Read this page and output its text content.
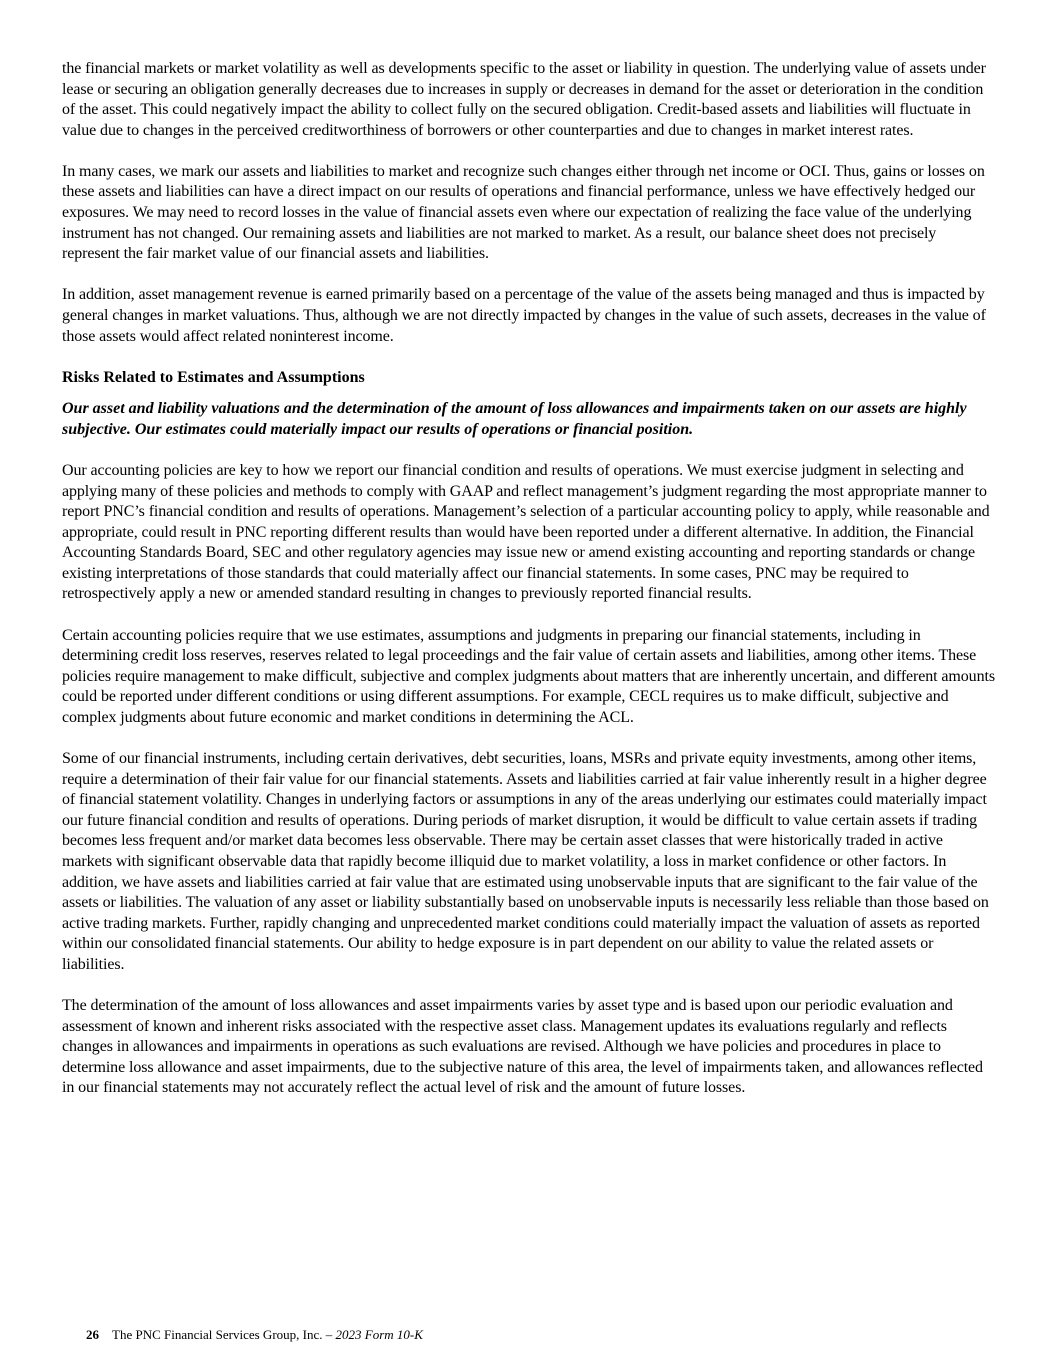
the financial markets or market volatility as well as developments specific to the asset or liability in question. The underlying value of assets under lease or securing an obligation generally decreases due to increases in supply or decreases in demand for the asset or deterioration in the condition of the asset. This could negatively impact the ability to collect fully on the secured obligation. Credit-based assets and liabilities will fluctuate in value due to changes in the perceived creditworthiness of borrowers or other counterparties and due to changes in market interest rates.

In many cases, we mark our assets and liabilities to market and recognize such changes either through net income or OCI. Thus, gains or losses on these assets and liabilities can have a direct impact on our results of operations and financial performance, unless we have effectively hedged our exposures. We may need to record losses in the value of financial assets even where our expectation of realizing the face value of the underlying instrument has not changed. Our remaining assets and liabilities are not marked to market. As a result, our balance sheet does not precisely represent the fair market value of our financial assets and liabilities.

In addition, asset management revenue is earned primarily based on a percentage of the value of the assets being managed and thus is impacted by general changes in market valuations. Thus, although we are not directly impacted by changes in the value of such assets, decreases in the value of those assets would affect related noninterest income.

Risks Related to Estimates and Assumptions

Our asset and liability valuations and the determination of the amount of loss allowances and impairments taken on our assets are highly subjective. Our estimates could materially impact our results of operations or financial position.

Our accounting policies are key to how we report our financial condition and results of operations. We must exercise judgment in selecting and applying many of these policies and methods to comply with GAAP and reflect management’s judgment regarding the most appropriate manner to report PNC’s financial condition and results of operations. Management’s selection of a particular accounting policy to apply, while reasonable and appropriate, could result in PNC reporting different results than would have been reported under a different alternative. In addition, the Financial Accounting Standards Board, SEC and other regulatory agencies may issue new or amend existing accounting and reporting standards or change existing interpretations of those standards that could materially affect our financial statements. In some cases, PNC may be required to retrospectively apply a new or amended standard resulting in changes to previously reported financial results.

Certain accounting policies require that we use estimates, assumptions and judgments in preparing our financial statements, including in determining credit loss reserves, reserves related to legal proceedings and the fair value of certain assets and liabilities, among other items. These policies require management to make difficult, subjective and complex judgments about matters that are inherently uncertain, and different amounts could be reported under different conditions or using different assumptions. For example, CECL requires us to make difficult, subjective and complex judgments about future economic and market conditions in determining the ACL.

Some of our financial instruments, including certain derivatives, debt securities, loans, MSRs and private equity investments, among other items, require a determination of their fair value for our financial statements. Assets and liabilities carried at fair value inherently result in a higher degree of financial statement volatility. Changes in underlying factors or assumptions in any of the areas underlying our estimates could materially impact our future financial condition and results of operations. During periods of market disruption, it would be difficult to value certain assets if trading becomes less frequent and/or market data becomes less observable. There may be certain asset classes that were historically traded in active markets with significant observable data that rapidly become illiquid due to market volatility, a loss in market confidence or other factors. In addition, we have assets and liabilities carried at fair value that are estimated using unobservable inputs that are significant to the fair value of the assets or liabilities. The valuation of any asset or liability substantially based on unobservable inputs is necessarily less reliable than those based on active trading markets. Further, rapidly changing and unprecedented market conditions could materially impact the valuation of assets as reported within our consolidated financial statements. Our ability to hedge exposure is in part dependent on our ability to value the related assets or liabilities.

The determination of the amount of loss allowances and asset impairments varies by asset type and is based upon our periodic evaluation and assessment of known and inherent risks associated with the respective asset class. Management updates its evaluations regularly and reflects changes in allowances and impairments in operations as such evaluations are revised. Although we have policies and procedures in place to determine loss allowance and asset impairments, due to the subjective nature of this area, the level of impairments taken, and allowances reflected in our financial statements may not accurately reflect the actual level of risk and the amount of future losses.

26 The PNC Financial Services Group, Inc. – 2023 Form 10-K
